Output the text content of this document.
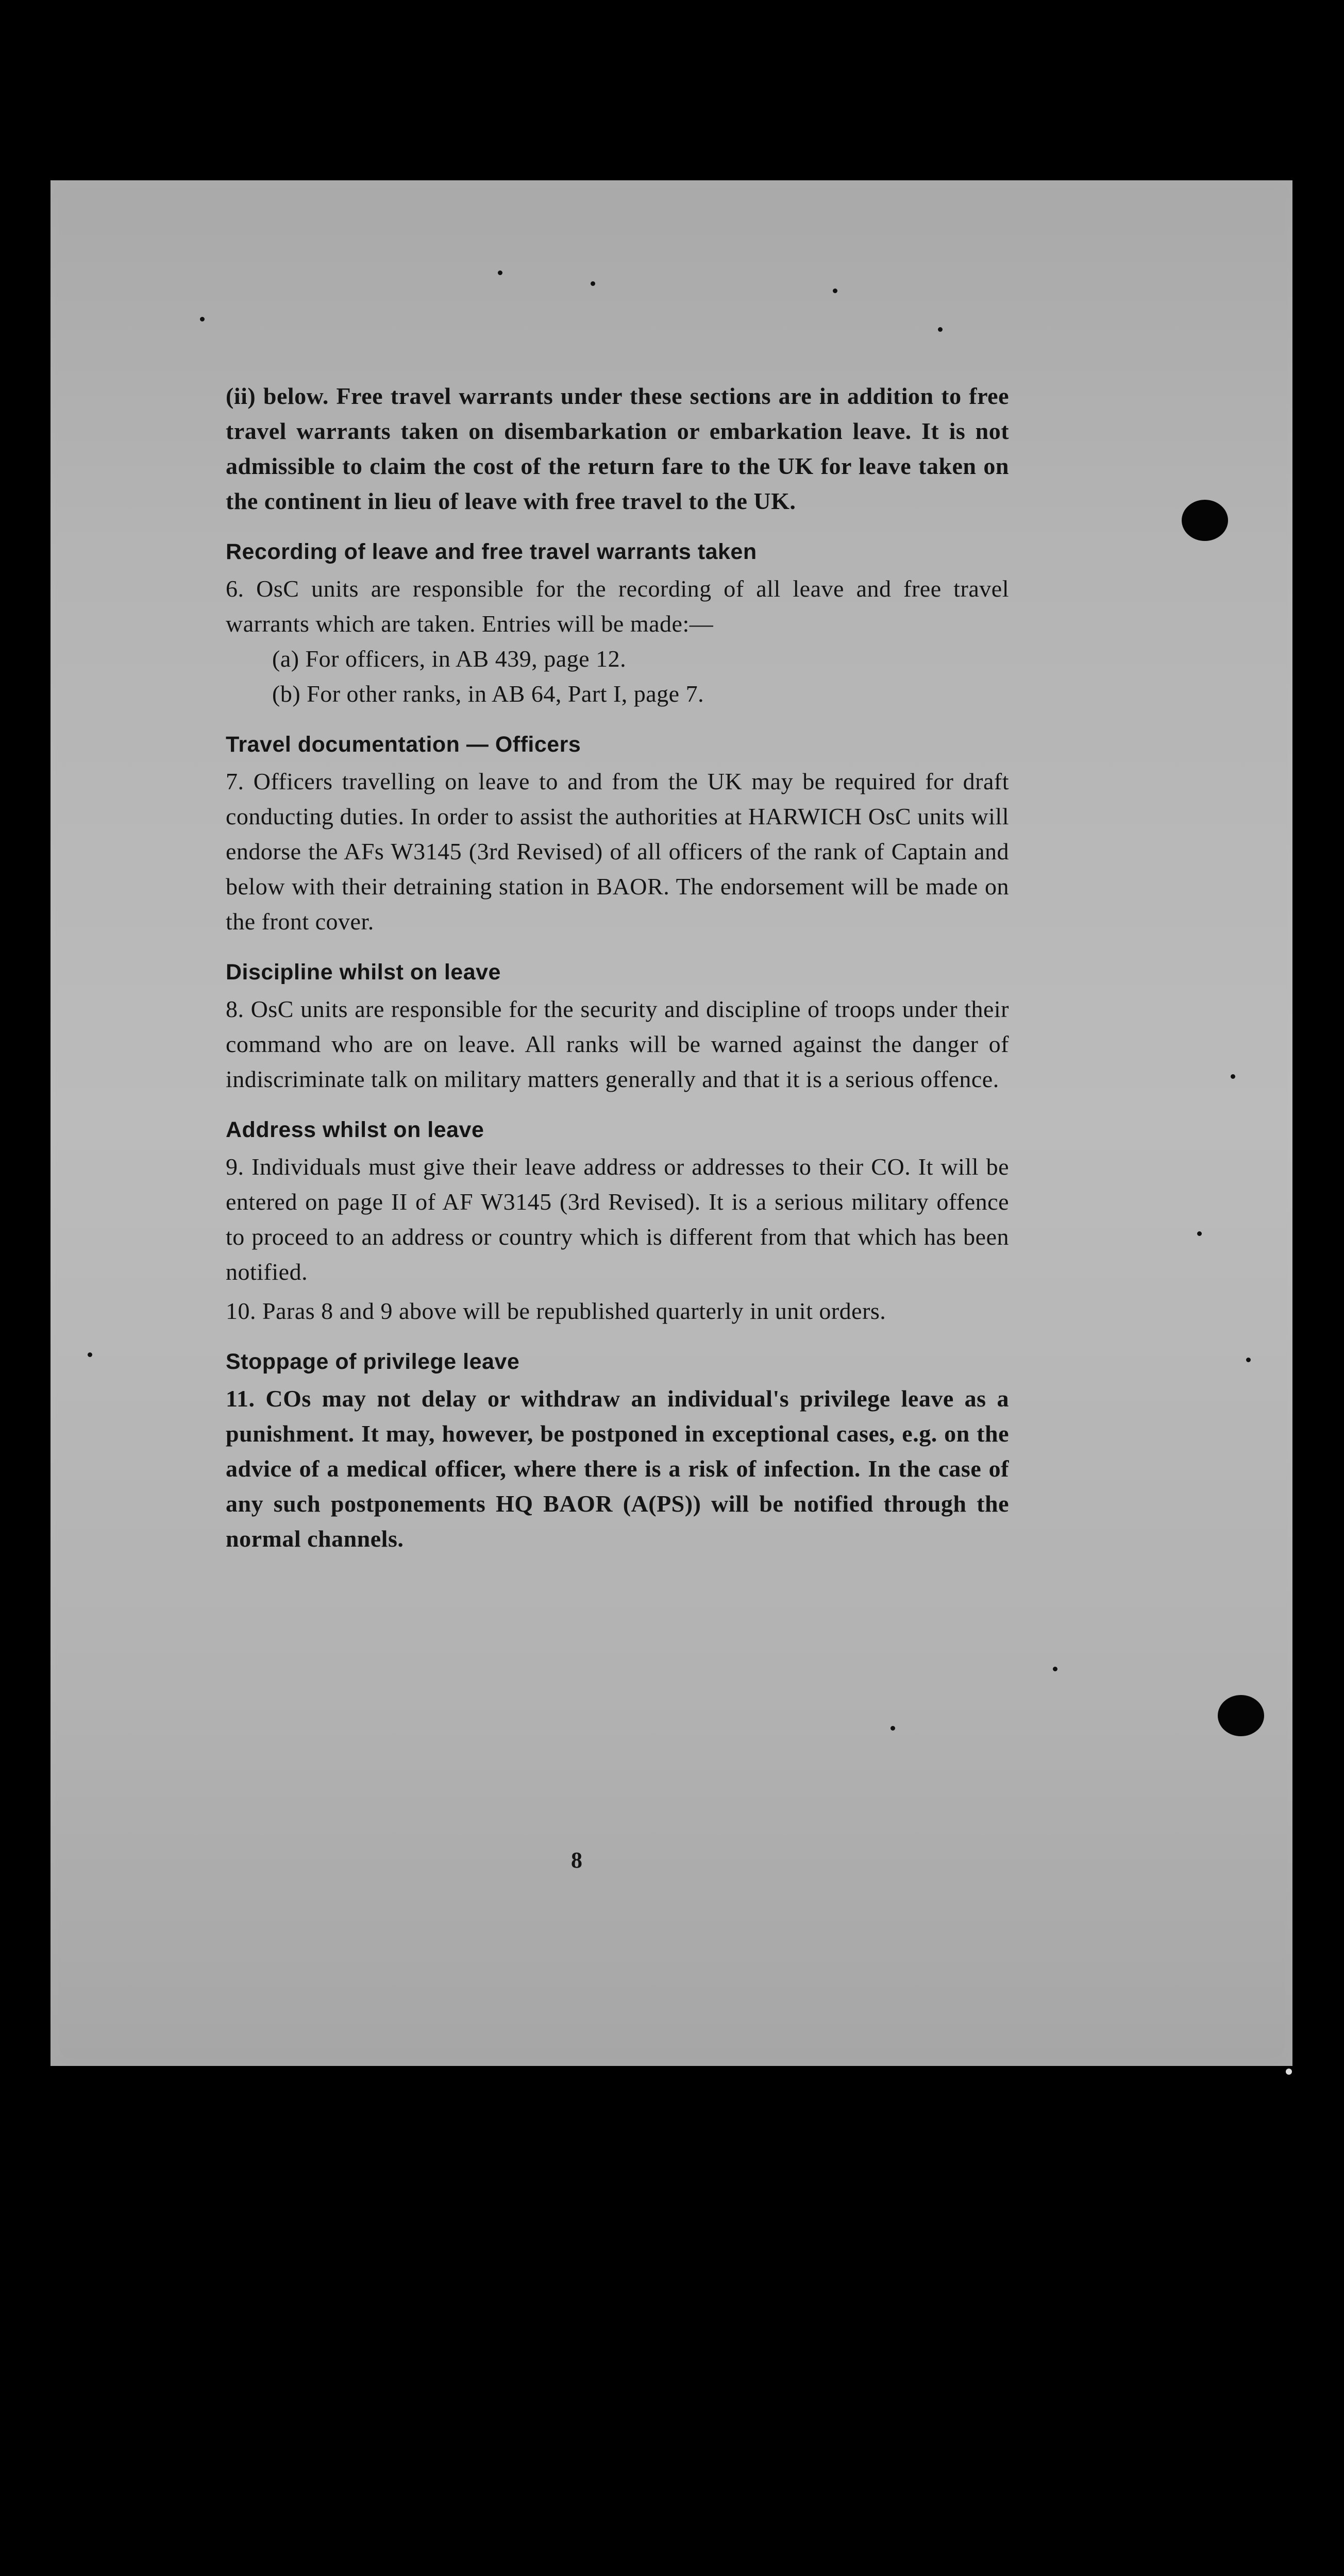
(ii) below. Free travel warrants under these sections are in addition to free travel warrants taken on disembarkation or embarkation leave. It is not admissible to claim the cost of the return fare to the UK for leave taken on the continent in lieu of leave with free travel to the UK.

Recording of leave and free travel warrants taken

6. OsC units are responsible for the recording of all leave and free travel warrants which are taken. Entries will be made:—

(a) For officers, in AB 439, page 12.

(b) For other ranks, in AB 64, Part I, page 7.

Travel documentation — Officers

7. Officers travelling on leave to and from the UK may be required for draft conducting duties. In order to assist the authorities at HARWICH OsC units will endorse the AFs W3145 (3rd Revised) of all officers of the rank of Captain and below with their detraining station in BAOR. The endorsement will be made on the front cover.

Discipline whilst on leave

8. OsC units are responsible for the security and discipline of troops under their command who are on leave. All ranks will be warned against the danger of indiscriminate talk on military matters generally and that it is a serious offence.

Address whilst on leave

9. Individuals must give their leave address or addresses to their CO. It will be entered on page II of AF W3145 (3rd Revised). It is a serious military offence to proceed to an address or country which is different from that which has been notified.

10. Paras 8 and 9 above will be republished quarterly in unit orders.

Stoppage of privilege leave

11. COs may not delay or withdraw an individual's privilege leave as a punishment. It may, however, be postponed in exceptional cases, e.g. on the advice of a medical officer, where there is a risk of infection. In the case of any such postponements HQ BAOR (A(PS)) will be notified through the normal channels.

8
